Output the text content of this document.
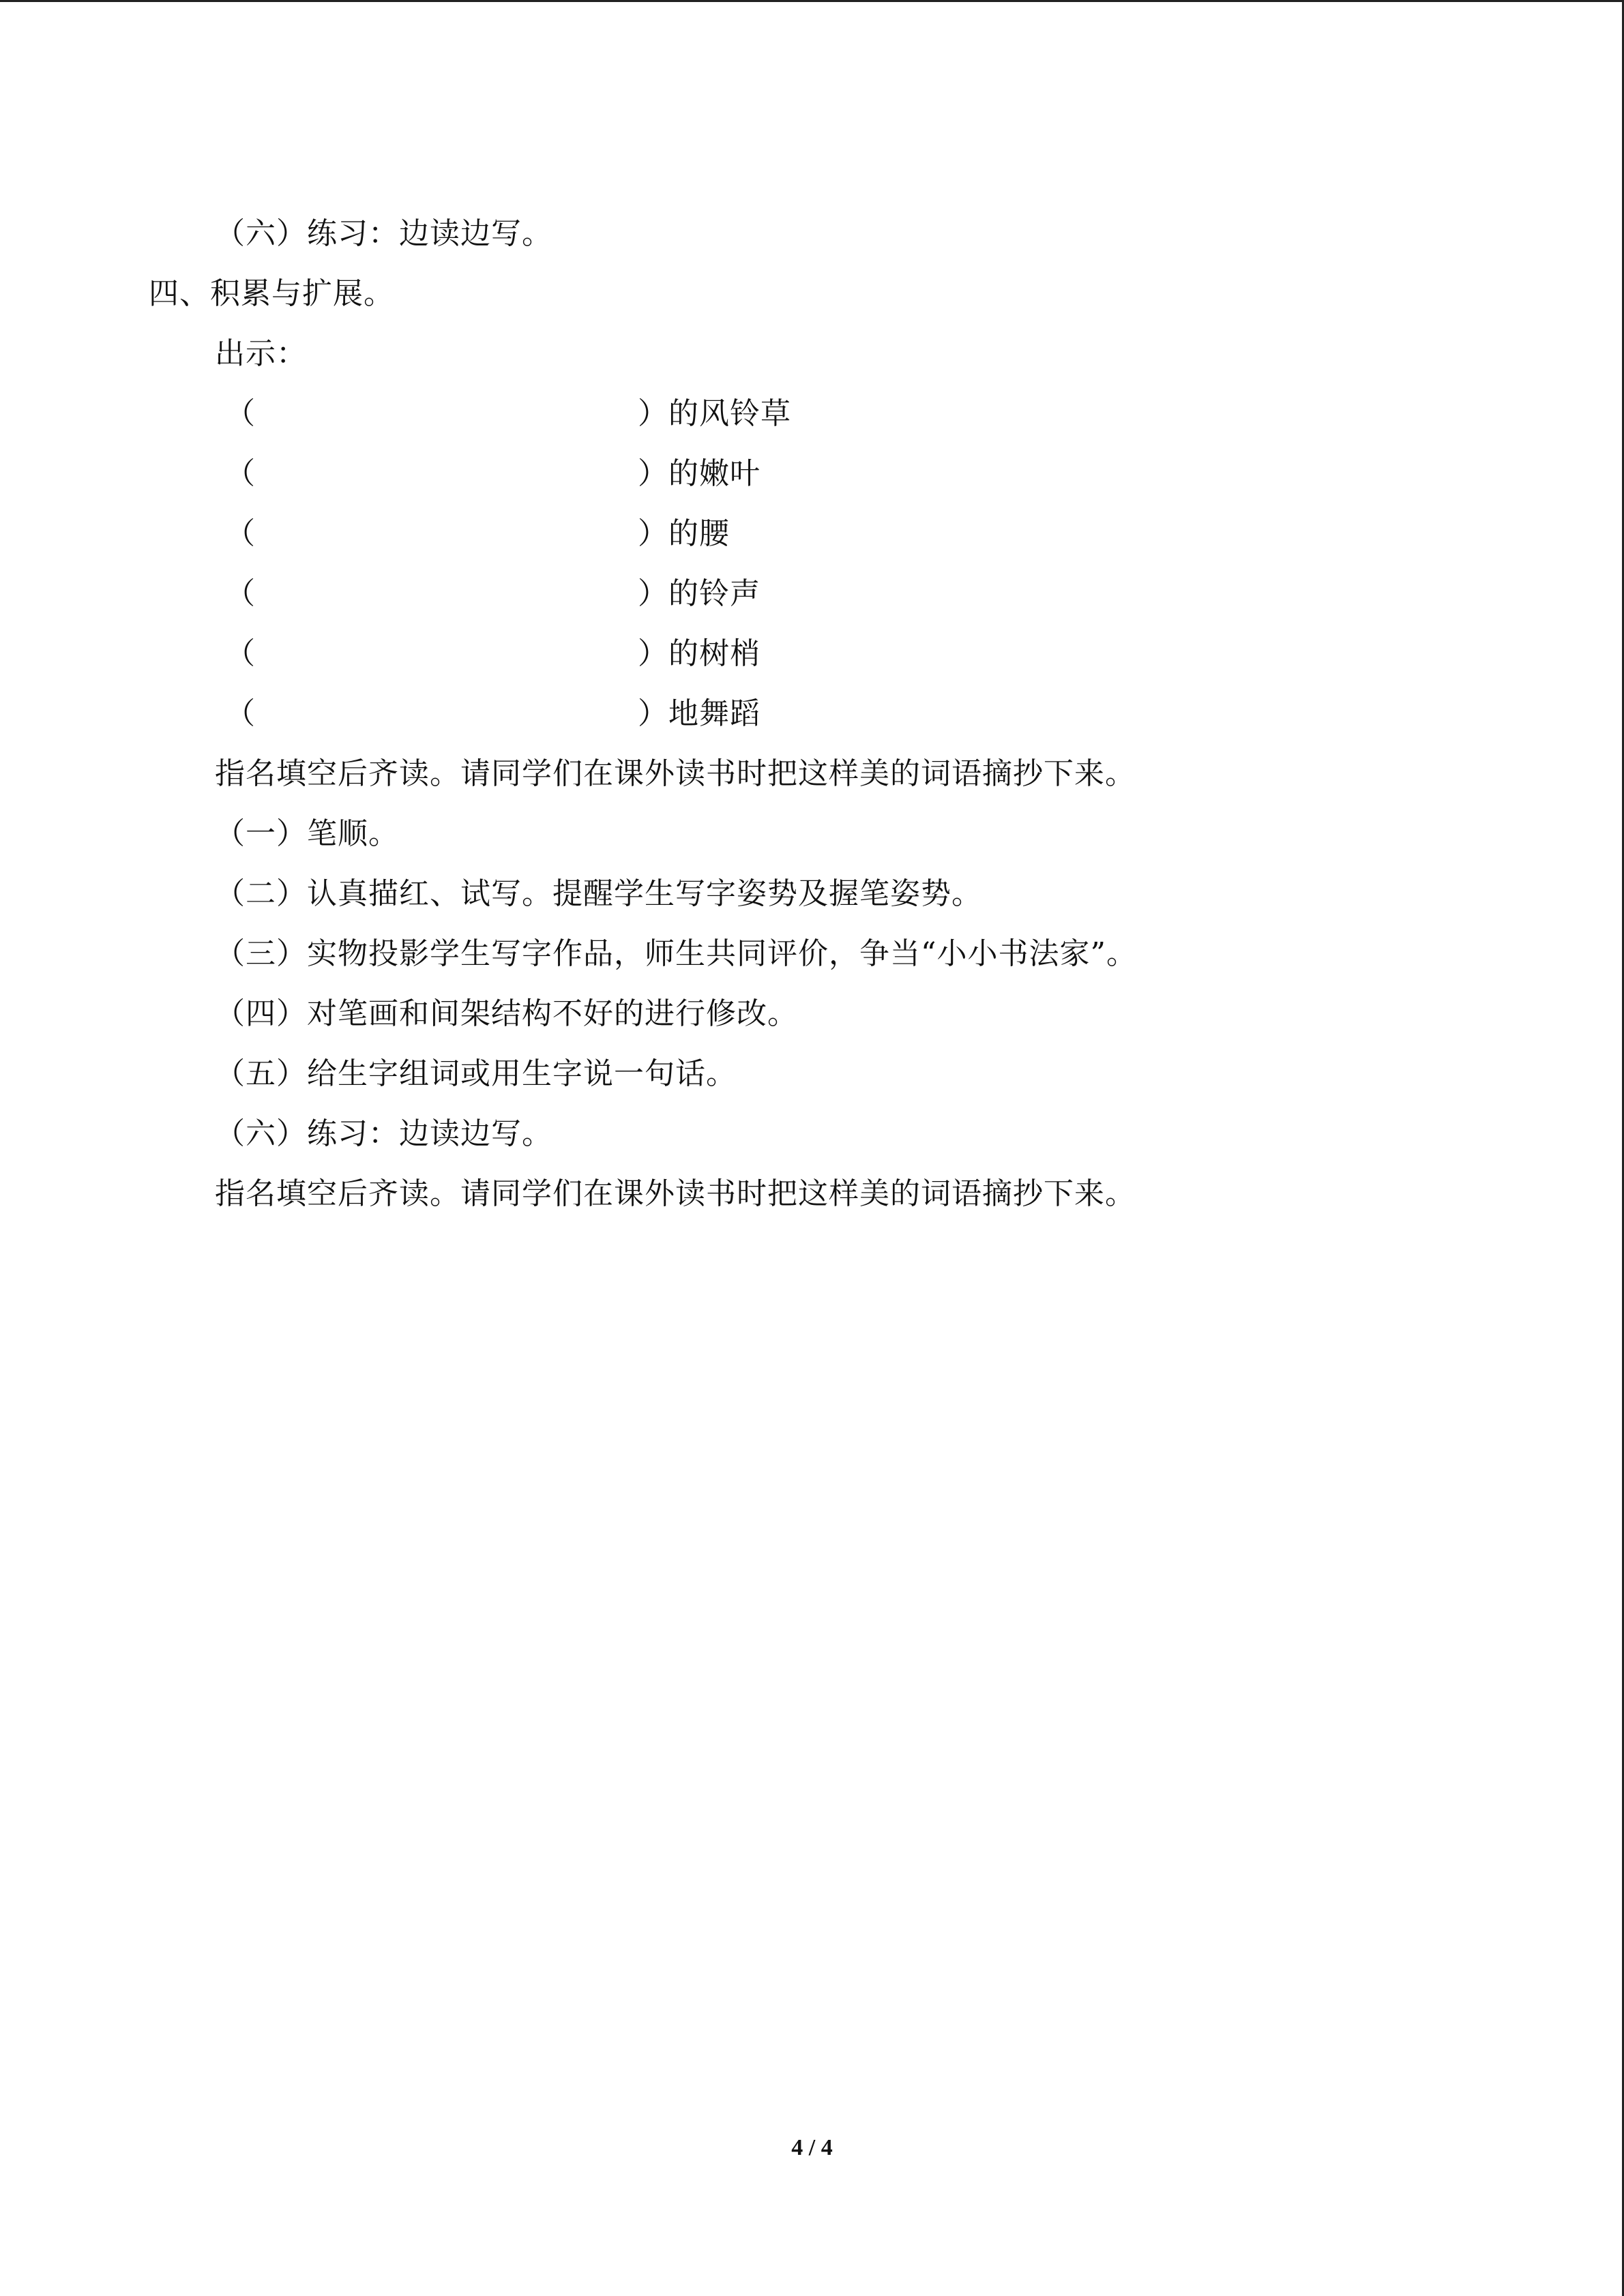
（六）练习：边读边写。
四、积累与扩展。
出示：
（	）的风铃草
（	）的嫩叶
（	）的腰
（	）的铃声
（	）的树梢
（	）地舞蹈
指名填空后齐读。请同学们在课外读书时把这样美的词语摘抄下来。
（一）笔顺。
（二）认真描红、试写。提醒学生写字姿势及握笔姿势。
（三）实物投影学生写字作品，师生共同评价，争当“小小书法家”。
（四）对笔画和间架结构不好的进行修改。
（五）给生字组词或用生字说一句话。
（六）练习：边读边写。
指名填空后齐读。请同学们在课外读书时把这样美的词语摘抄下来。
4 / 4
